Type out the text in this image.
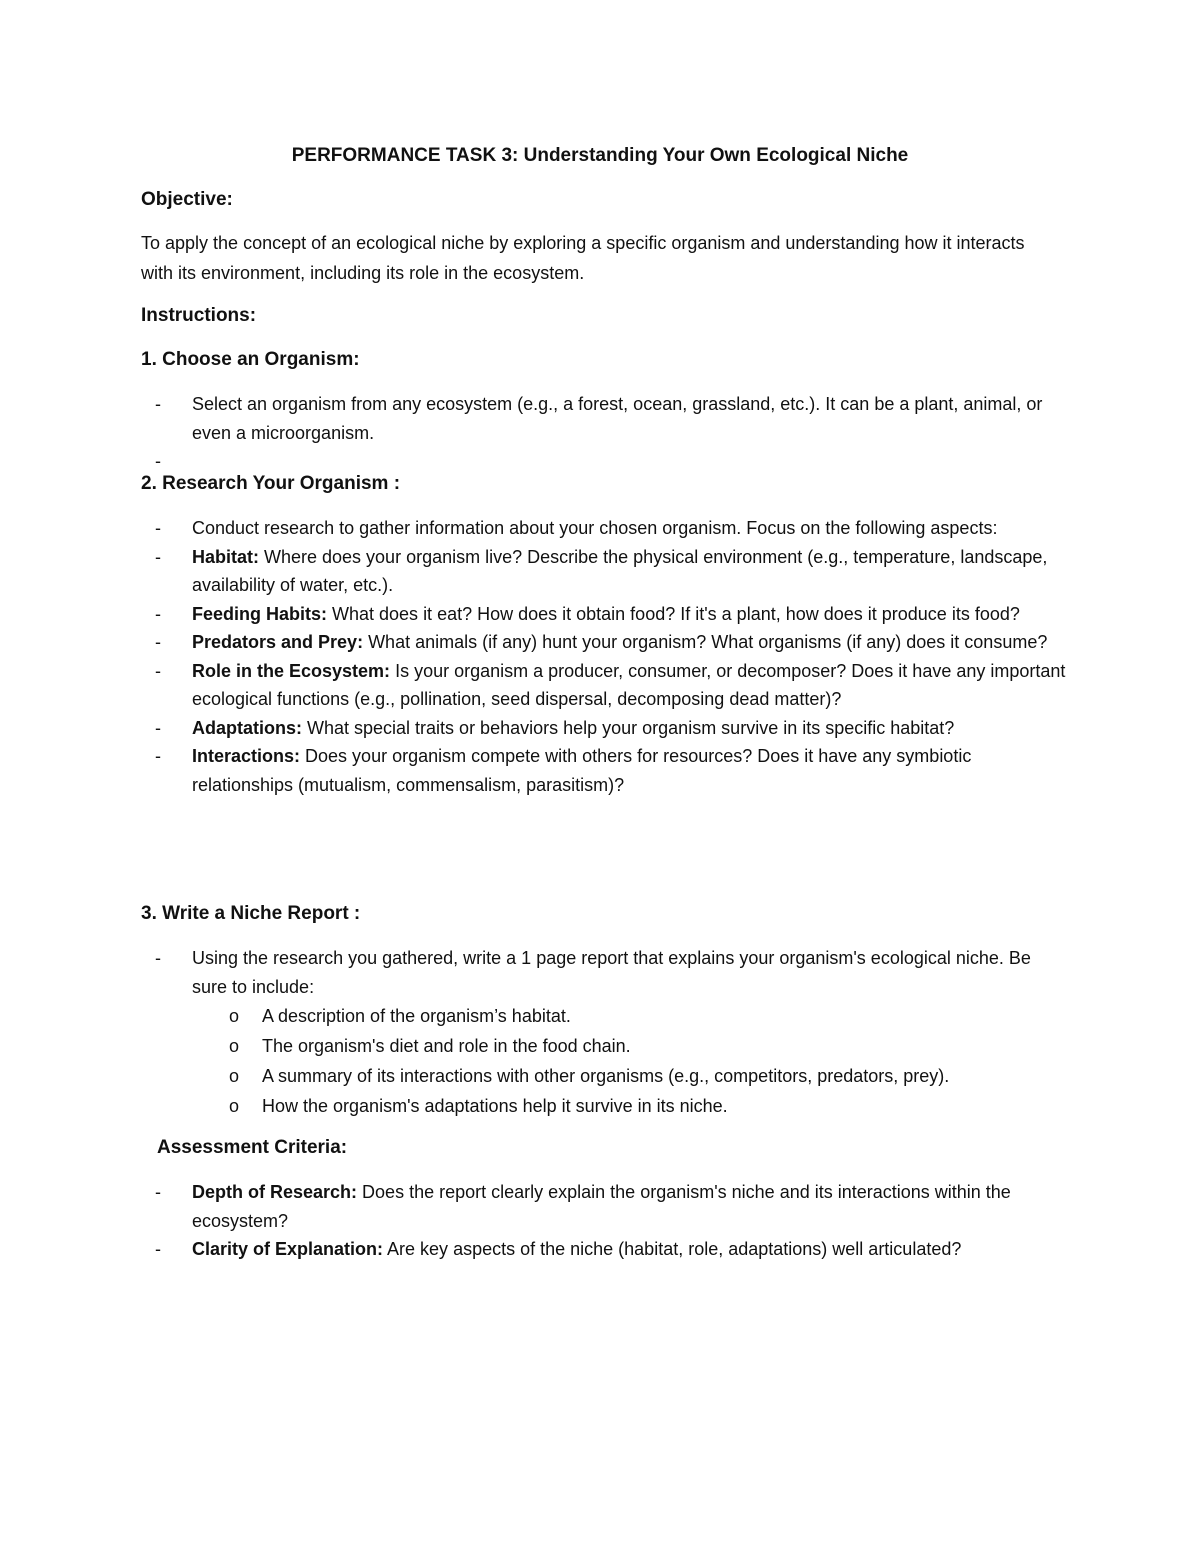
PERFORMANCE TASK 3: Understanding Your Own Ecological Niche
Objective:
To apply the concept of an ecological niche by exploring a specific organism and understanding how it interacts with its environment, including its role in the ecosystem.
Instructions:
1. Choose an Organism:
- Select an organism from any ecosystem (e.g., a forest, ocean, grassland, etc.). It can be a plant, animal, or even a microorganism.
-
2. Research Your Organism :
- Conduct research to gather information about your chosen organism. Focus on the following aspects:
- Habitat: Where does your organism live? Describe the physical environment (e.g., temperature, landscape, availability of water, etc.).
- Feeding Habits: What does it eat? How does it obtain food? If it's a plant, how does it produce its food?
- Predators and Prey: What animals (if any) hunt your organism? What organisms (if any) does it consume?
- Role in the Ecosystem: Is your organism a producer, consumer, or decomposer? Does it have any important ecological functions (e.g., pollination, seed dispersal, decomposing dead matter)?
- Adaptations: What special traits or behaviors help your organism survive in its specific habitat?
- Interactions: Does your organism compete with others for resources? Does it have any symbiotic relationships (mutualism, commensalism, parasitism)?
3. Write a Niche Report :
- Using the research you gathered, write a 1 page report that explains your organism's ecological niche. Be sure to include:
o A description of the organism’s habitat.
o The organism's diet and role in the food chain.
o A summary of its interactions with other organisms (e.g., competitors, predators, prey).
o How the organism's adaptations help it survive in its niche.
Assessment Criteria:
- Depth of Research: Does the report clearly explain the organism's niche and its interactions within the ecosystem?
- Clarity of Explanation: Are key aspects of the niche (habitat, role, adaptations) well articulated?
